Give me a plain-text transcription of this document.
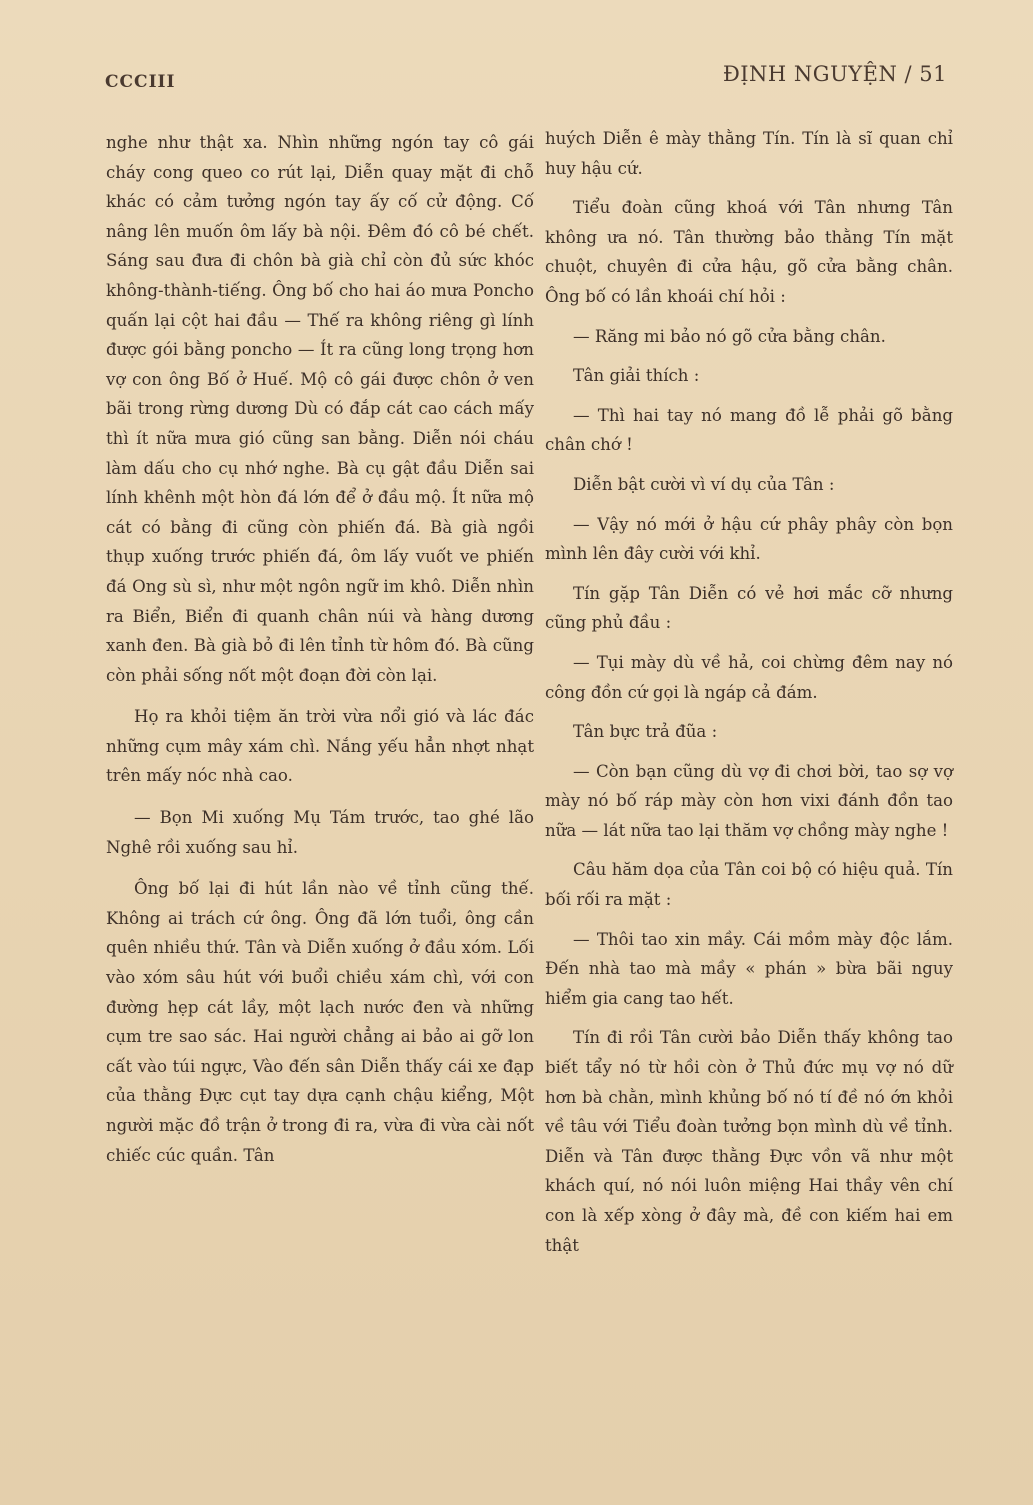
CCCIII	ĐỊNH NGUYỆN / 51

nghe như thật xa. Nhìn những ngón tay cô gái cháy cong queo co rút lại, Diễn quay mặt đi chỗ khác có cảm tưởng ngón tay ấy cố cử động. Cố nâng lên muốn ôm lấy bà nội. Đêm đó cô bé chết. Sáng sau đưa đi chôn bà già chỉ còn đủ sức khóc không-thành-tiếng. Ông bố cho hai áo mưa Poncho quấn lại cột hai đầu — Thế ra không riêng gì lính được gói bằng poncho — Ít ra cũng long trọng hơn vợ con ông Bố ở Huế. Mộ cô gái được chôn ở ven bãi trong rừng dương Dù có đắp cát cao cách mấy thì ít nữa mưa gió cũng san bằng. Diễn nói cháu làm dấu cho cụ nhớ nghe. Bà cụ gật đầu Diễn sai lính khênh một hòn đá lớn để ở đầu mộ. Ít nữa mộ cát có bằng đi cũng còn phiến đá. Bà già ngồi thụp xuống trước phiến đá, ôm lấy vuốt ve phiến đá Ong sù sì, như một ngôn ngữ im khô. Diễn nhìn ra Biển, Biển đi quanh chân núi và hàng dương xanh đen. Bà già bỏ đi lên tỉnh từ hôm đó. Bà cũng còn phải sống nốt một đoạn đời còn lại.

Họ ra khỏi tiệm ăn trời vừa nổi gió và lác đác những cụm mây xám chì. Nắng yếu hẳn nhợt nhạt trên mấy nóc nhà cao.

— Bọn Mi xuống Mụ Tám trước, tao ghé lão Nghê rồi xuống sau hỉ.

Ông bố lại đi hút lần nào về tỉnh cũng thế. Không ai trách cứ ông. Ông đã lớn tuổi, ông cần quên nhiều thứ. Tân và Diễn xuống ở đầu xóm. Lối vào xóm sâu hút với buổi chiều xám chì, với con đường hẹp cát lầy, một lạch nước đen và những cụm tre sao sác. Hai người chẳng ai bảo ai gỡ lon cất vào túi ngực, Vào đến sân Diễn thấy cái xe đạp của thằng Đực cụt tay dựa cạnh chậu kiểng, Một người mặc đồ trận ở trong đi ra, vừa đi vừa cài nốt chiếc cúc quần. Tân

huých Diễn ê mày thằng Tín. Tín là sĩ quan chỉ huy hậu cứ.

Tiểu đoàn cũng khoá với Tân nhưng Tân không ưa nó. Tân thường bảo thằng Tín mặt chuột, chuyên đi cửa hậu, gõ cửa bằng chân. Ông bố có lần khoái chí hỏi :

— Răng mi bảo nó gõ cửa bằng chân.

Tân giải thích :

— Thì hai tay nó mang đồ lễ phải gõ bằng chân chớ !

Diễn bật cười vì ví dụ của Tân :

— Vậy nó mới ở hậu cứ phây phây còn bọn mình lên đây cười với khỉ.

Tín gặp Tân Diễn có vẻ hơi mắc cỡ nhưng cũng phủ đầu :

— Tụi mày dù về hả, coi chừng đêm nay nó công đồn cứ gọi là ngáp cả đám.

Tân bực trả đũa :

— Còn bạn cũng dù vợ đi chơi bời, tao sợ vợ mày nó bố ráp mày còn hơn vixi đánh đồn tao nữa — lát nữa tao lại thăm vợ chồng mày nghe !

Câu hăm dọa của Tân coi bộ có hiệu quả. Tín bối rối ra mặt :

— Thôi tao xin mầy. Cái mồm mày độc lắm. Đến nhà tao mà mầy « phán » bừa bãi nguy hiểm gia cang tao hết.

Tín đi rồi Tân cười bảo Diễn thấy không tao biết tẩy nó từ hồi còn ở Thủ đức mụ vợ nó dữ hơn bà chằn, mình khủng bố nó tí đề nó ớn khỏi về tâu với Tiểu đoàn tưởng bọn mình dù về tỉnh. Diễn và Tân được thằng Đực vồn vã như một khách quí, nó nói luôn miệng Hai thầy vên chí con là xếp xòng ở đây mà, đề con kiếm hai em thật
